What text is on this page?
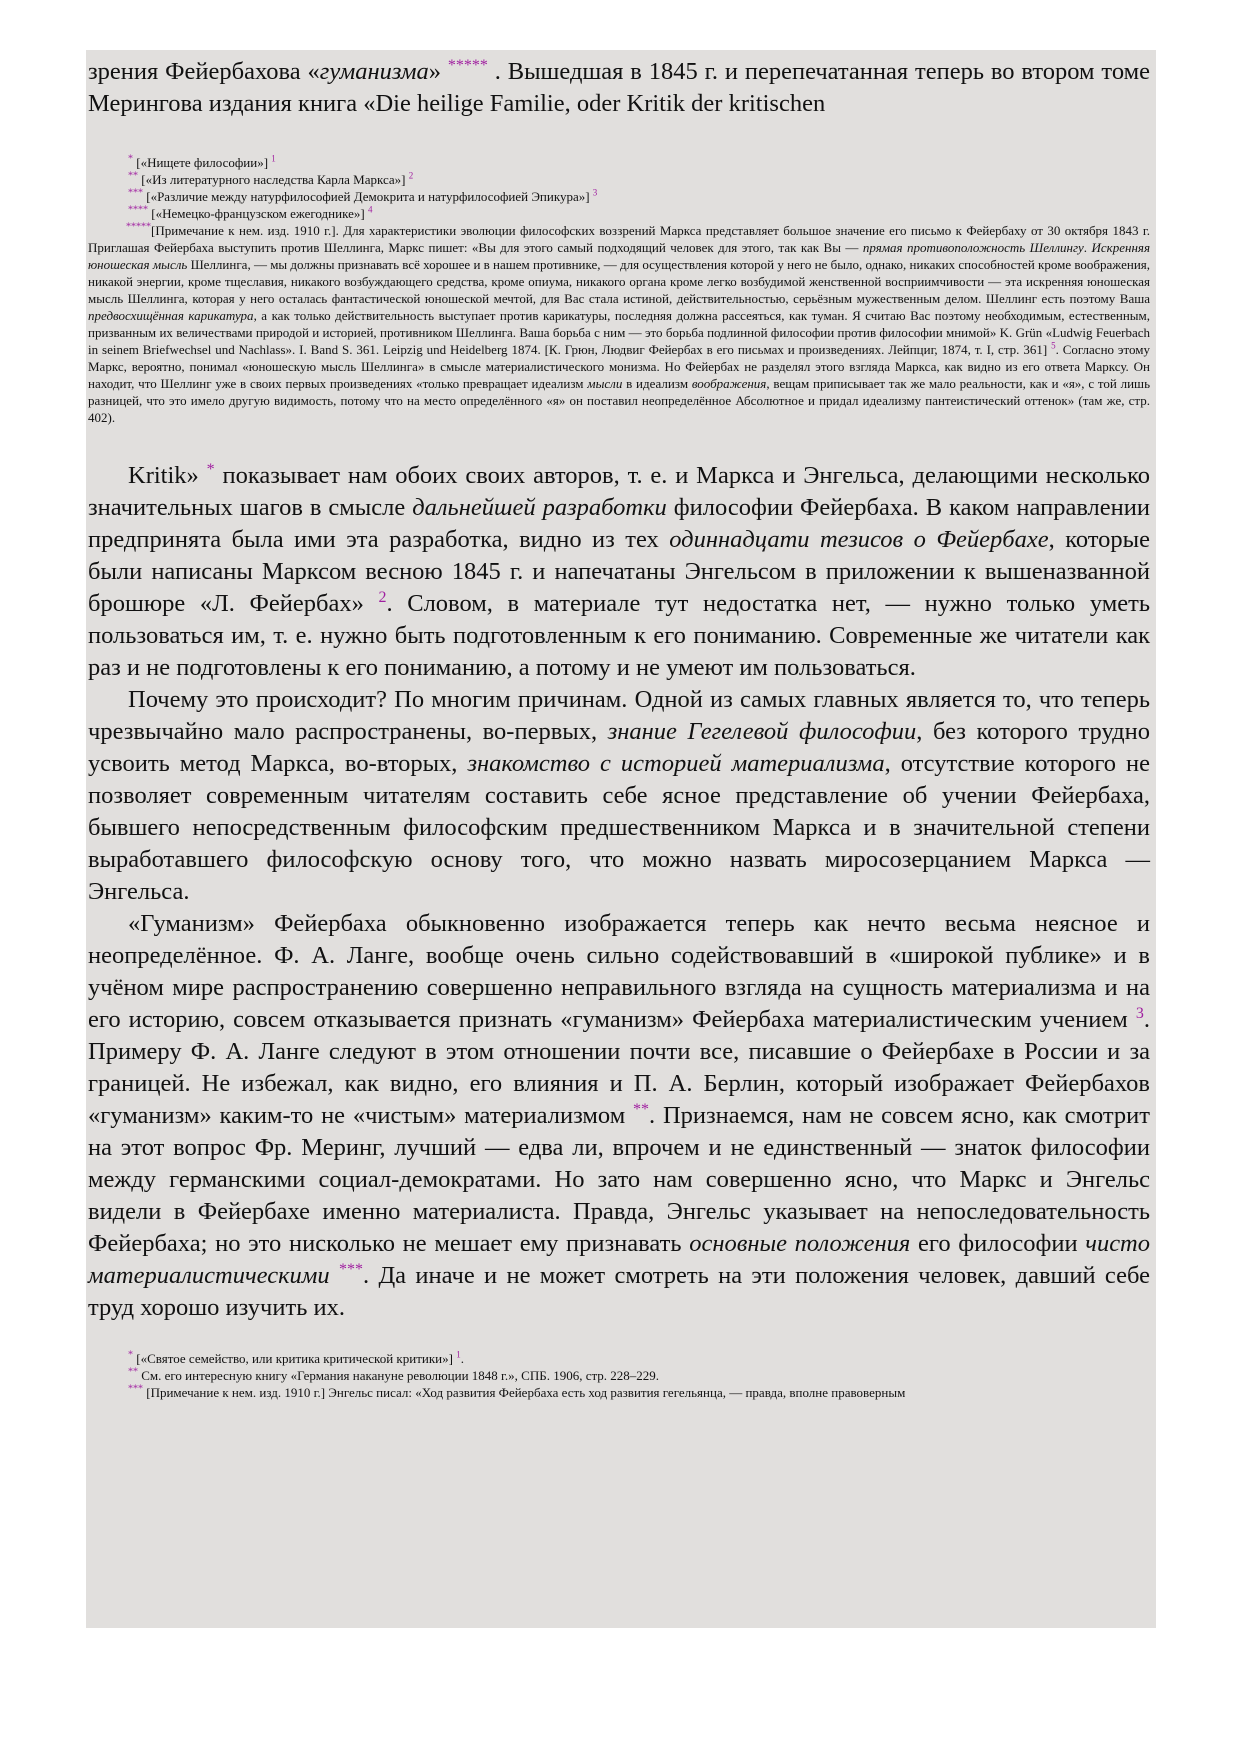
зрения Фейербахова «гуманизма» ***** . Вышедшая в 1845 г. и перепечатанная теперь во втором томе Мерингова издания книга «Die heilige Familie, oder Kritik der kritischen

* [«Нищете философии»] $^1$

** [«Из литературного наследства Карла Маркса»] $^2$

*** [«Различие между натурфилософией Демокрита и натурфилософией Эпикура»] $^3$

**** [«Немецко-французском ежегоднике»] $^4$

*****[Примечание к нем. изд. 1910 г.]. Для характеристики эволюции философских воззрений Маркса представляет большое значение его письмо к Фейербаху от 30 октября 1843 г. Приглашая Фейербаха выступить против Шеллинга, Маркс пишет: «Вы для этого самый подходящий человек для этого, так как Вы — прямая противоположность Шеллингу. Искренняя юношеская мысль Шеллинга, — мы должны признавать всё хорошее и в нашем противнике, — для осуществления которой у него не было, однако, никаких способностей кроме воображения, никакой энергии, кроме тщеславия, никакого возбуждающего средства, кроме опиума, никакого органа кроме легко возбудимой женственной восприимчивости — эта искренняя юношеская мысль Шеллинга, которая у него осталась фантастической юношеской мечтой, для Вас стала истиной, действительностью, серьёзным мужественным делом. Шеллинг есть поэтому Ваша предвосхищённая карикатура, а как только действительность выступает против карикатуры, последняя должна рассеяться, как туман. Я считаю Вас поэтому необходимым, естественным, призванным их величествами природой и историей, противником Шеллинга. Ваша борьба с ним — это борьба подлинной философии против философии мнимой» K. Grün «Ludwig Feuerbach in seinem Briefwechsel und Nachlass». I. Band S. 361. Leipzig und Heidelberg 1874. [К. Грюн, Людвиг Фейербах в его письмах и произведениях. Лейпциг, 1874, т. I, стр. 361] $^5$. Согласно этому Маркс, вероятно, понимал «юношескую мысль Шеллинга» в смысле материалистического монизма. Но Фейербах не разделял этого взгляда Маркса, как видно из его ответа Марксу. Он находит, что Шеллинг уже в своих первых произведениях «только превращает идеализм мысли в идеализм воображения, вещам приписывает так же мало реальности, как и «я», с той лишь разницей, что это имело другую видимость, потому что на место определённого «я» он поставил неопределённое Абсолютное и придал идеализму пантеистический оттенок» (там же, стр. 402).

Kritik» * показывает нам обоих своих авторов, т. е. и Маркса и Энгельса, делающими несколько значительных шагов в смысле дальнейшей разработки философии Фейербаха. В каком направлении предпринята была ими эта разработка, видно из тех одиннадцати тезисов о Фейербахе, которые были написаны Марксом весною 1845 г. и напечатаны Энгельсом в приложении к вышеназванной брошюре «Л. Фейербах» $^2$. Словом, в материале тут недостатка нет, — нужно только уметь пользоваться им, т. е. нужно быть подготовленным к его пониманию. Современные же читатели как раз и не подготовлены к его пониманию, а потому и не умеют им пользоваться.

Почему это происходит? По многим причинам. Одной из самых главных является то, что теперь чрезвычайно мало распространены, во-первых, знание Гегелевой философии, без которого трудно усвоить метод Маркса, во-вторых, знакомство с историей материализма, отсутствие которого не позволяет современным читателям составить себе ясное представление об учении Фейербаха, бывшего непосредственным философским предшественником Маркса и в значительной степени выработавшего философскую основу того, что можно назвать миросозерцанием Маркса — Энгельса.

«Гуманизм» Фейербаха обыкновенно изображается теперь как нечто весьма неясное и неопределённое. Ф. А. Ланге, вообще очень сильно содействовавший в «широкой публике» и в учёном мире распространению совершенно неправильного взгляда на сущность материализма и на его историю, совсем отказывается признать «гуманизм» Фейербаха материалистическим учением $^3$. Примеру Ф. А. Ланге следуют в этом отношении почти все, писавшие о Фейербахе в России и за границей. Не избежал, как видно, его влияния и П. А. Берлин, который изображает Фейербахов «гуманизм» каким-то не «чистым» материализмом **. Признаемся, нам не совсем ясно, как смотрит на этот вопрос Фр. Меринг, лучший — едва ли, впрочем и не единственный — знаток философии между германскими социал-демократами. Но зато нам совершенно ясно, что Маркс и Энгельс видели в Фейербахе именно материалиста. Правда, Энгельс указывает на непоследовательность Фейербаха; но это нисколько не мешает ему признавать основные положения его философии чисто материалистическими ***. Да иначе и не может смотреть на эти положения человек, давший себе труд хорошо изучить их.

* [«Святое семейство, или критика критической критики»] $^1$.

** См. его интересную книгу «Германия накануне революции 1848 г.», СПБ. 1906, стр. 228–229.

*** [Примечание к нем. изд. 1910 г.] Энгельс писал: «Ход развития Фейербаха есть ход развития гегельянца, — правда, вполне правоверным
